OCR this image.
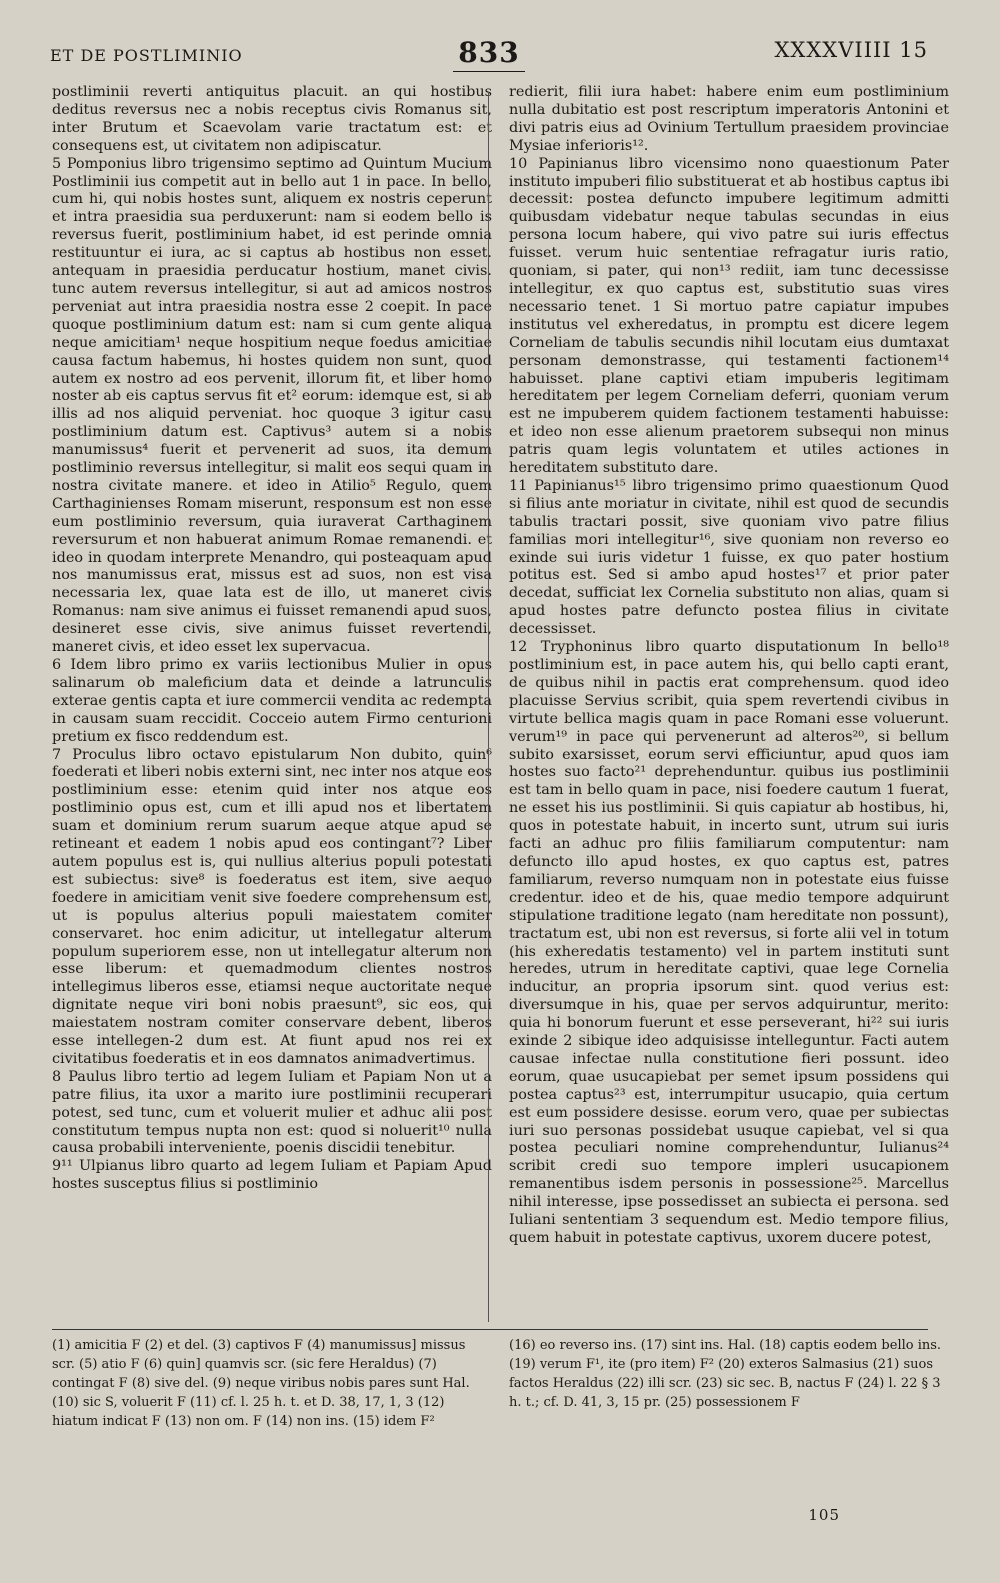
ET DE POSTLIMINIO	833	XXXXVIIII 15

postliminii reverti antiquitus placuit. an qui hostibus deditus reversus nec a nobis receptus civis Romanus sit, inter Brutum et Scaevolam varie tractatum est: et consequens est, ut civitatem non adipiscatur.

5 Pomponius libro trigensimo septimo ad Quintum Mucium Postliminii ius competit aut in bello aut 1 in pace. In bello, cum hi, qui nobis hostes sunt, aliquem ex nostris ceperunt et intra praesidia sua perduxerunt: nam si eodem bello is reversus fuerit, postliminium habet, id est perinde omnia restituuntur ei iura, ac si captus ab hostibus non esset. antequam in praesidia perducatur hostium, manet civis. tunc autem reversus intellegitur, si aut ad amicos nostros perveniat aut intra praesidia nostra esse 2 coepit. In pace quoque postliminium datum est: nam si cum gente aliqua neque amicitiam¹ neque hospitium neque foedus amicitiae causa factum habemus, hi hostes quidem non sunt, quod autem ex nostro ad eos pervenit, illorum fit, et liber homo noster ab eis captus servus fit et² eorum: idemque est, si ab illis ad nos aliquid perveniat. hoc quoque 3 igitur casu postliminium datum est. Captivus³ autem si a nobis manumissus⁴ fuerit et pervenerit ad suos, ita demum postliminio reversus intellegitur, si malit eos sequi quam in nostra civitate manere. et ideo in Atilio⁵ Regulo, quem Carthaginienses Romam miserunt, responsum est non esse eum postliminio reversum, quia iuraverat Carthaginem reversurum et non habuerat animum Romae remanendi. et ideo in quodam interprete Menandro, qui posteaquam apud nos manumissus erat, missus est ad suos, non est visa necessaria lex, quae lata est de illo, ut maneret civis Romanus: nam sive animus ei fuisset remanendi apud suos, desineret esse civis, sive animus fuisset revertendi, maneret civis, et ideo esset lex supervacua.

6 Idem libro primo ex variis lectionibus Mulier in opus salinarum ob maleficium data et deinde a latrunculis exterae gentis capta et iure commercii vendita ac redempta in causam suam reccidit. Cocceio autem Firmo centurioni pretium ex fisco reddendum est.

7 Proculus libro octavo epistularum Non dubito, quin⁶ foederati et liberi nobis externi sint, nec inter nos atque eos postliminium esse: etenim quid inter nos atque eos postliminio opus est, cum et illi apud nos et libertatem suam et dominium rerum suarum aeque atque apud se retineant et eadem 1 nobis apud eos contingant⁷? Liber autem populus est is, qui nullius alterius populi potestati est subiectus: sive⁸ is foederatus est item, sive aequo foedere in amicitiam venit sive foedere comprehensum est, ut is populus alterius populi maiestatem comiter conservaret. hoc enim adicitur, ut intellegatur alterum populum superiorem esse, non ut intellegatur alterum non esse liberum: et quemadmodum clientes nostros intellegimus liberos esse, etiamsi neque auctoritate neque dignitate neque viri boni nobis praesunt⁹, sic eos, qui maiestatem nostram comiter conservare debent, liberos esse intellegen-2 dum est. At fiunt apud nos rei ex civitatibus foederatis et in eos damnatos animadvertimus.

8 Paulus libro tertio ad legem Iuliam et Papiam Non ut a patre filius, ita uxor a marito iure postliminii recuperari potest, sed tunc, cum et voluerit mulier et adhuc alii post constitutum tempus nupta non est: quod si noluerit¹⁰ nulla causa probabili interveniente, poenis discidii tenebitur.

9¹¹ Ulpianus libro quarto ad legem Iuliam et Papiam Apud hostes susceptus filius si postliminio

redierit, filii iura habet: habere enim eum postliminium nulla dubitatio est post rescriptum imperatoris Antonini et divi patris eius ad Ovinium Tertullum praesidem provinciae Mysiae inferioris¹².

10 Papinianus libro vicensimo nono quaestionum Pater instituto impuberi filio substituerat et ab hostibus captus ibi decessit: postea defuncto impubere legitimum admitti quibusdam videbatur neque tabulas secundas in eius persona locum habere, qui vivo patre sui iuris effectus fuisset. verum huic sententiae refragatur iuris ratio, quoniam, si pater, qui non¹³ rediit, iam tunc decessisse intellegitur, ex quo captus est, substitutio suas vires necessario tenet. 1 Si mortuo patre capiatur impubes institutus vel exheredatus, in promptu est dicere legem Corneliam de tabulis secundis nihil locutam eius dumtaxat personam demonstrasse, qui testamenti factionem¹⁴ habuisset. plane captivi etiam impuberis legitimam hereditatem per legem Corneliam deferri, quoniam verum est ne impuberem quidem factionem testamenti habuisse: et ideo non esse alienum praetorem subsequi non minus patris quam legis voluntatem et utiles actiones in hereditatem substituto dare.

11 Papinianus¹⁵ libro trigensimo primo quaestionum Quod si filius ante moriatur in civitate, nihil est quod de secundis tabulis tractari possit, sive quoniam vivo patre filius familias mori intellegitur¹⁶, sive quoniam non reverso eo exinde sui iuris videtur 1 fuisse, ex quo pater hostium potitus est. Sed si ambo apud hostes¹⁷ et prior pater decedat, sufficiat lex Cornelia substituto non alias, quam si apud hostes patre defuncto postea filius in civitate decessisset.

12 Tryphoninus libro quarto disputationum In bello¹⁸ postliminium est, in pace autem his, qui bello capti erant, de quibus nihil in pactis erat comprehensum. quod ideo placuisse Servius scribit, quia spem revertendi civibus in virtute bellica magis quam in pace Romani esse voluerunt. verum¹⁹ in pace qui pervenerunt ad alteros²⁰, si bellum subito exarsisset, eorum servi efficiuntur, apud quos iam hostes suo facto²¹ deprehenduntur. quibus ius postliminii est tam in bello quam in pace, nisi foedere cautum 1 fuerat, ne esset his ius postliminii. Si quis capiatur ab hostibus, hi, quos in potestate habuit, in incerto sunt, utrum sui iuris facti an adhuc pro filiis familiarum computentur: nam defuncto illo apud hostes, ex quo captus est, patres familiarum, reverso numquam non in potestate eius fuisse credentur. ideo et de his, quae medio tempore adquirunt stipulatione traditione legato (nam hereditate non possunt), tractatum est, ubi non est reversus, si forte alii vel in totum (his exheredatis testamento) vel in partem instituti sunt heredes, utrum in hereditate captivi, quae lege Cornelia inducitur, an propria ipsorum sint. quod verius est: diversumque in his, quae per servos adquiruntur, merito: quia hi bonorum fuerunt et esse perseverant, hi²² sui iuris exinde 2 sibique ideo adquisisse intelleguntur. Facti autem causae infectae nulla constitutione fieri possunt. ideo eorum, quae usucapiebat per semet ipsum possidens qui postea captus²³ est, interrumpitur usucapio, quia certum est eum possidere desisse. eorum vero, quae per subiectas iuri suo personas possidebat usuque capiebat, vel si qua postea peculiari nomine comprehenduntur, Iulianus²⁴ scribit credi suo tempore impleri usucapionem remanentibus isdem personis in possessione²⁵. Marcellus nihil interesse, ipse possedisset an subiecta ei persona. sed Iuliani sententiam 3 sequendum est. Medio tempore filius, quem habuit in potestate captivus, uxorem ducere potest,

(1) amicitia F (2) et del. (3) captivos F (4) manumissus] missus scr. (5) atio F (6) quin] quamvis scr. (sic fere Heraldus) (7) contingat F (8) sive del. (9) neque viribus nobis pares sunt Hal. (10) sic S, voluerit F (11) cf. l. 25 h. t. et D. 38, 17, 1, 3 (12) hiatum indicat F (13) non om. F (14) non ins. (15) idem F²
(16) eo reverso ins. (17) sint ins. Hal. (18) captis eodem bello ins. (19) verum F¹, ite (pro item) F² (20) exteros Salmasius (21) suos factos Heraldus (22) illi scr. (23) sic sec. B, nactus F (24) l. 22 § 3 h. t.; cf. D. 41, 3, 15 pr. (25) possessionem F
105
